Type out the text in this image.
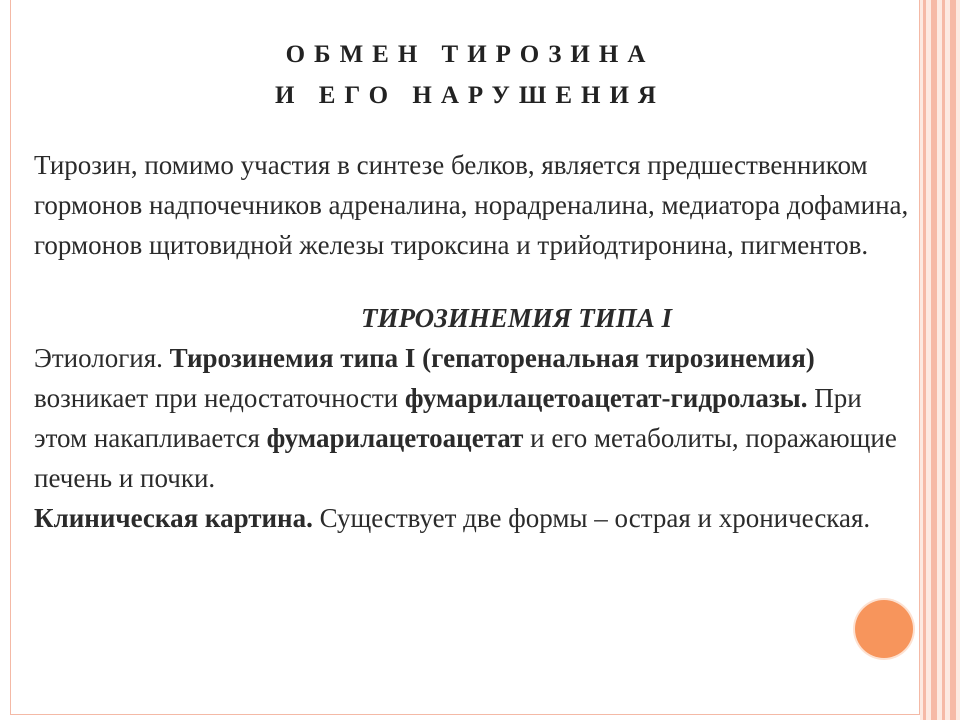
ОБМЕН ТИРОЗИНА
И ЕГО НАРУШЕНИЯ

Тирозин, помимо участия в синтезе белков, является предшественником гормонов надпочечников адреналина, норадреналина, медиатора дофамина, гормонов щитовидной железы тироксина и трийодтиронина, пигментов.

ТИРОЗИНЕМИЯ ТИПА I

Этиология. Тирозинемия типа I (гепаторенальная тирозинемия) возникает при недостаточности фумарилацетоацетат-гидролазы. При этом накапливается фумарилацетоацетат и его метаболиты, поражающие печень и почки.

Клиническая картина. Существует две формы – острая и хроническая.
